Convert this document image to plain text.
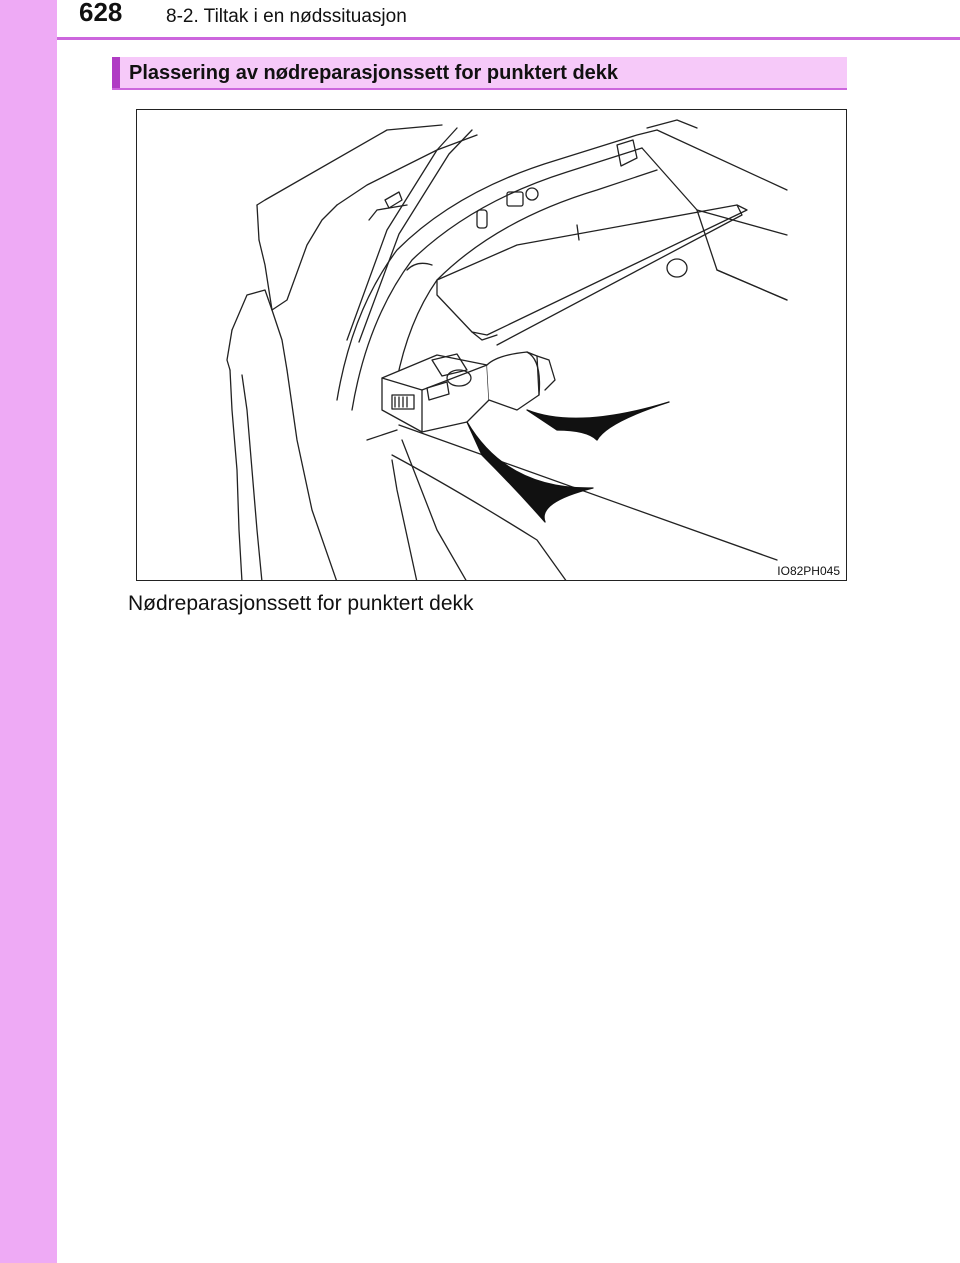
628 8-2. Tiltak i en nødssituasjon
Plassering av nødreparasjonssett for punktert dekk
IO82PH045
Nødreparasjonssett for punktert dekk
